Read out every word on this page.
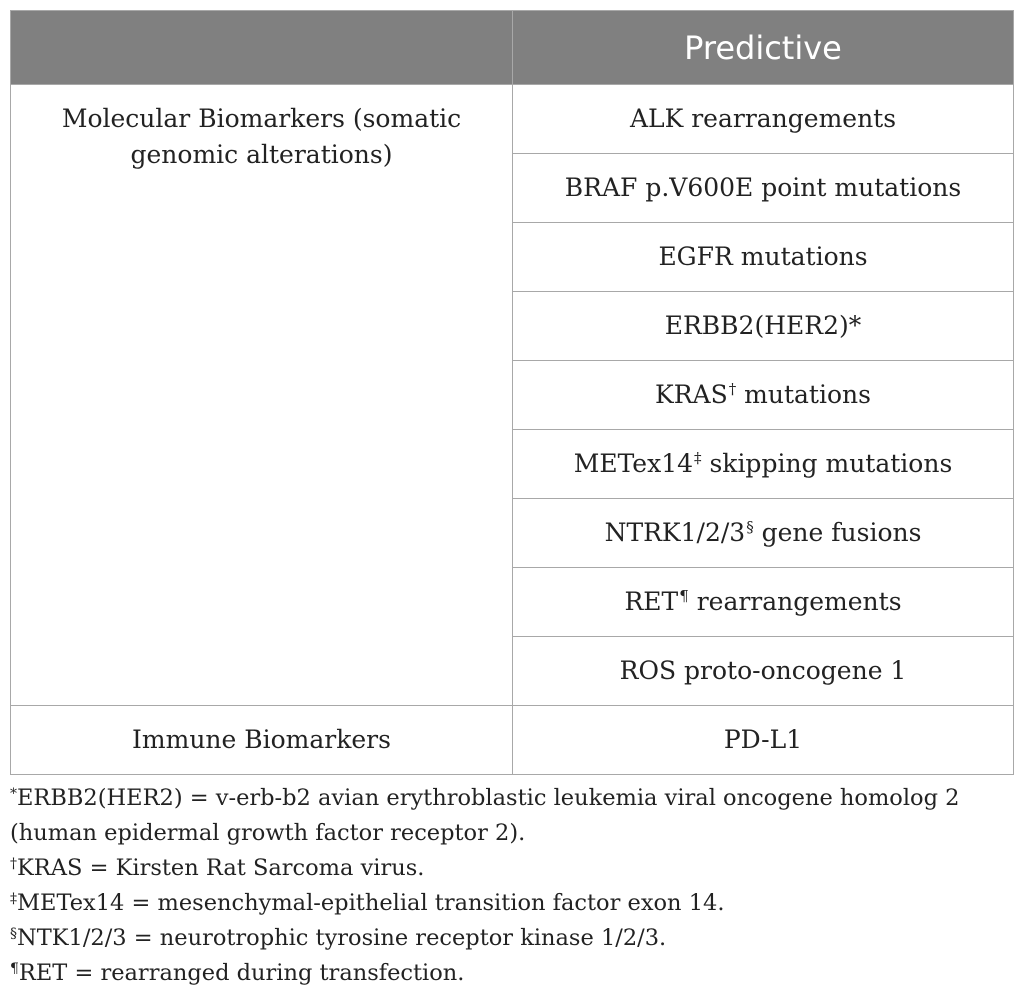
	Predictive
Molecular Biomarkers (somatic genomic alterations)	ALK rearrangements
	BRAF p.V600E point mutations
	EGFR mutations
	ERBB2(HER2)*
	KRAS† mutations
	METex14‡ skipping mutations
	NTRK1/2/3§ gene fusions
	RET¶ rearrangements
	ROS proto-oncogene 1
Immune Biomarkers	PD-L1
*ERBB2(HER2) = v-erb-b2 avian erythroblastic leukemia viral oncogene homolog 2 (human epidermal growth factor receptor 2).
†KRAS = Kirsten Rat Sarcoma virus.
‡METex14 = mesenchymal-epithelial transition factor exon 14.
§NTK1/2/3 = neurotrophic tyrosine receptor kinase 1/2/3.
¶RET = rearranged during transfection.
